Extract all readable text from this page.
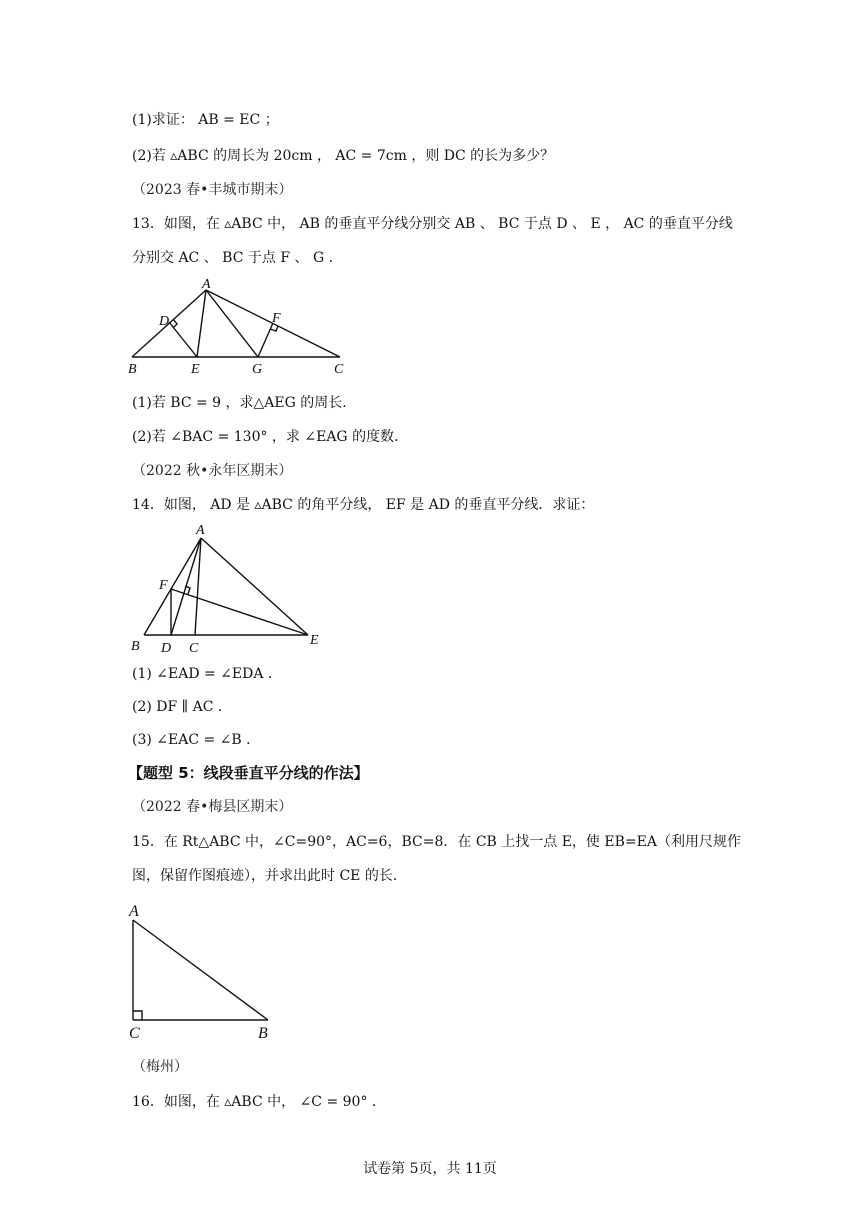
(1)求证： AB = EC ；
(2)若 ▵ABC 的周长为 20cm ， AC = 7cm ，则 DC 的长为多少？
（2023 春•丰城市期末）
13．如图，在 ▵ABC 中， AB 的垂直平分线分别交 AB 、 BC 于点 D 、 E ， AC 的垂直平分线
分别交 AC 、 BC 于点 F 、 G ．
A
D	F
B	E	G	C
(1)若 BC = 9 ，求△AEG 的周长．
(2)若 ∠BAC = 130° ，求 ∠EAG 的度数．
（2022 秋•永年区期末）
14．如图， AD 是 ▵ABC 的角平分线， EF 是 AD 的垂直平分线．求证：
A
F
E
B D C
(1) ∠EAD = ∠EDA ．
(2) DF ∥ AC ．
(3) ∠EAC = ∠B ．
【题型 5：线段垂直平分线的作法】
（2022 春•梅县区期末）
15．在 Rt△ABC 中，∠C=90°，AC=6，BC=8．在 CB 上找一点 E，使 EB=EA（利用尺规作
图，保留作图痕迹），并求出此时 CE 的长．
A
C	B
（梅州）
16．如图，在 ▵ABC 中， ∠C = 90° ．
试卷第 5页，共 11页
